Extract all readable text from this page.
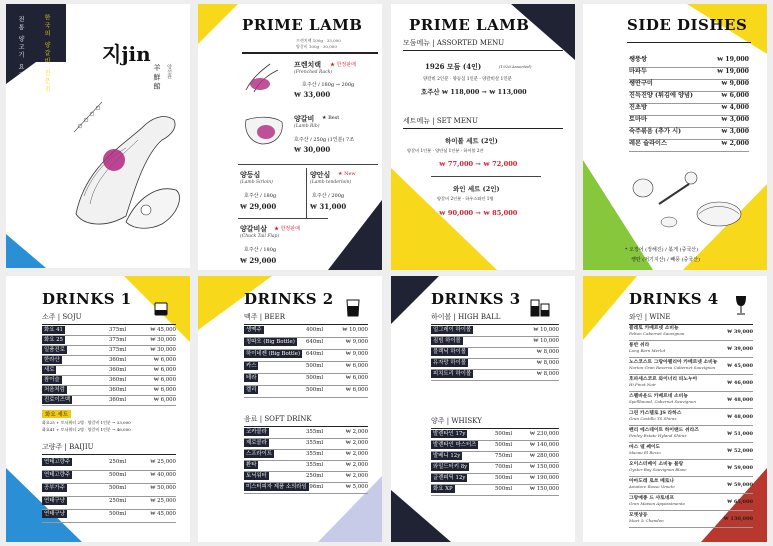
한국의 양갈비 전문점
전통 양고기 요리	지jin
羊 鮮 館 양선관
PRIME LAMB
프렌치랙 100g · 33,000
양갈비 100g · 30,000
프렌치랙 ★ 한정판매
(Frenched Rack)
호주산 / 180g → 200g
₩ 33,000
양갈비 ★ Best
(Lamb Rib)
호주산 / 250g (1인분) 7조
₩ 30,000
양등심
(Lamb Sirloin)
호주산 / 180g
₩ 29,000
양안심 ★ New
(Lamb tenderloin)
호주산 / 200g
₩ 31,000
양갈비살 ★ 한정판매
(Chuck Tail Flap)
호주산 / 180g
₩ 29,000
PRIME LAMB
모둠메뉴 | ASSORTED MENU
1926 모둠 (4인)	(1926 Assorted)
양갈비 2인분 · 양등심 1인분 · 양갈비살 1인분
호주산 ₩ 118,000 → ₩ 113,000
세트메뉴 | SET MENU
하이볼 세트 (2인)
양갈비 1인분 · 양안심 1인분 · 하이볼 2잔
₩ 77,000 → ₩ 72,000
와인 세트 (2인)
양갈비 2인분 · 하우스와인 1병
₩ 90,000 → ₩ 85,000
SIDE DISHES
쌩뚱쌍	₩ 19,000
마파두	₩ 19,000
쌩딴구미	₩ 9,000
진득진양 (튀김에 양념)	₩ 6,000
진초방	₩ 4,000
토마마	₩ 3,000
숙주볶음 (추가 시)	₩ 3,000
레몬 슬라이스	₩ 2,000
* 오징어 (정해진) / 볶게 (중국산)
쌩딴 (저기지산) / 빼풍 (중국산)
DRINKS 1
소주 | SOJU
화요 41	375ml	₩ 45,000
화요 25	375ml	₩ 30,000
일품진로	375ml	₩ 30,000
한라산	360ml	₩ 6,000
새로	360ml	₩ 6,000
참이슬	360ml	₩ 6,000
처음처럼	360ml	₩ 6,000
진로이즈백	360ml	₩ 6,000
화요 세트
화요25 + 토닉워터 2병 · 양갈비 1인분 → 33,000
화요41 + 토닉워터 2병 · 양갈비 1인분 → 46,000
고량주 | BAIJIU
연태고량주	250ml	₩ 25,000
연태고량주	500ml	₩ 40,000
공부가주	500ml	₩ 50,000
연태구냥	250ml	₩ 25,000
연태구냥	500ml	₩ 45,000
DRINKS 2
맥주 | BEER
생맥주	400ml	₩ 10,000
칭따오 (Big Bottle)	640ml	₩ 9,000
하이네켄 (Big Bottle)	640ml	₩ 9,000
카스	500ml	₩ 6,000
테라	500ml	₩ 6,000
켈리	500ml	₩ 6,000
음료 | SOFT DRINK
코카콜라	355ml	₩ 2,000
제로콜라	355ml	₩ 2,000
스프라이트	355ml	₩ 2,000
환타	355ml	₩ 2,000
토닉워터	250ml	₩ 2,000
미스터피자 제품 소의라임 296ml	₩ 5,000
DRINKS 3
하이볼 | HIGH BALL
얼그레이 하이볼	₩ 10,000
짐빔 하이볼	₩ 10,000
블랙닉 하이볼	₩ 8,000
유자망 하이볼	₩ 8,000
피치트리 하이볼	₩ 8,000
양주 | WHISKY
발렌타인 17y	500ml	₩ 230,000
발렌타인 마스터즈	500ml	₩ 140,000
발베니 12y	750ml	₩ 280,000
와일드터키 8y	700ml	₩ 150,000
글렌피딕 12y	500ml	₩ 190,000
화요 XP	500ml	₩ 150,000
DRINKS 4
와인 | WINE
콜레토 카베르넷 소비뇽
Pelton Cabernet Sauvignon	₩ 39,000
롱반 쉬라
Long Barn Merlot	₩ 39,000
노스코스트 그랑아펠리아 카베르넷 소비뇽
Norton Gran Reserva Cabernet Sauvignon ₩ 45,000
호파세스코르 와이너리 피노누아
Hi Pinot Noir	₩ 46,000
스펠바운드 카베르네 소비뇽
Spellbound, Cabernet Sauvignon	₩ 48,000
그린 카스텔로 JS 라하스
Gran Castillo TS Shiraz	₩ 48,000
펜리 에스테이트 하이랜드 쉬라즈
Penley Estate Hyland Shiraz	₩ 51,000
마스 델 쎄이도
Macau El Recio	₩ 52,000
오이스터베이 소비뇽 블랑
Oyster Bay Sauvignon Blanc	₩ 59,000
아마도레 로쏘 베로나
Amatore Rosso Veneto	₩ 59,000
그랑메종 드 샤토네프
Gran Maison Appassimento	₩ 65,000
모엣샹동
Moet & Chandon	₩ 130,000
